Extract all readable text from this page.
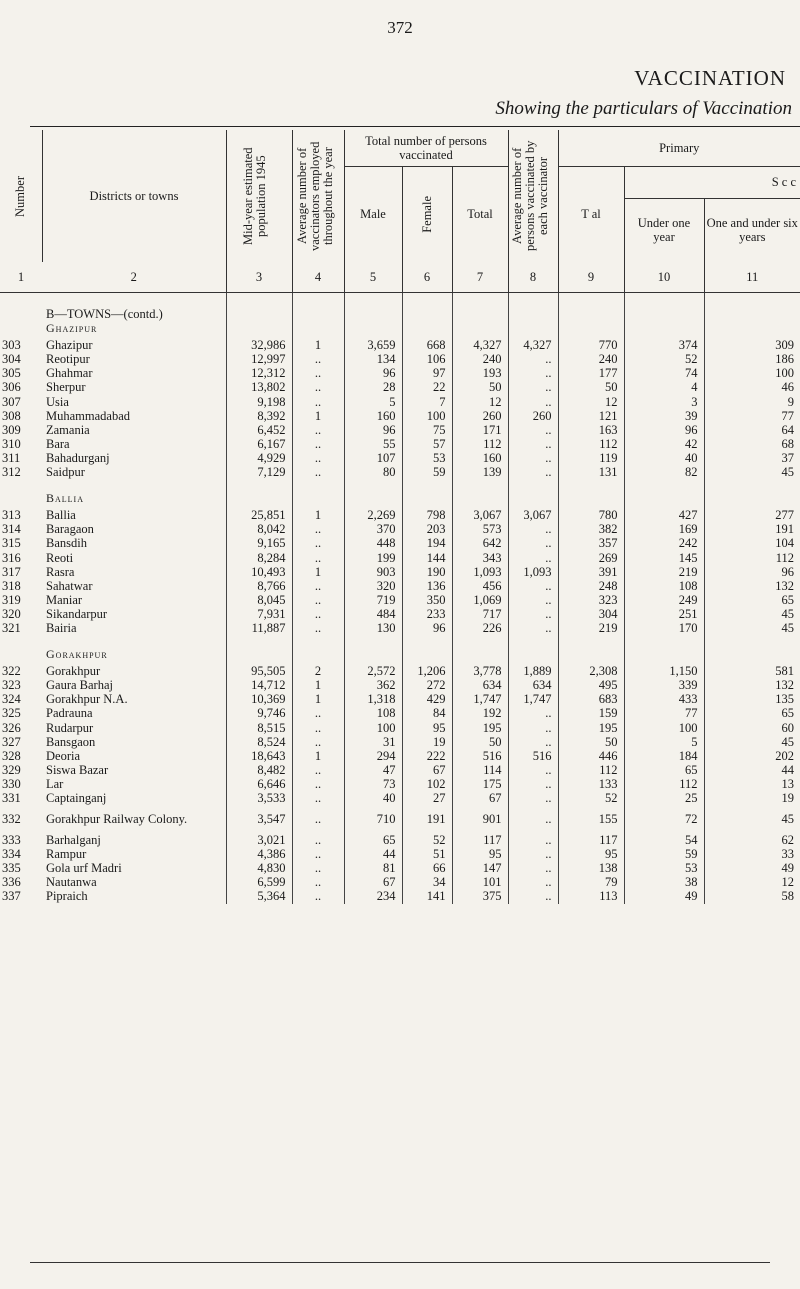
372
VACCINATION
Showing the particulars of Vaccination
Number	Districts or towns	Mid-year estimated population 1945	Average number of vaccinators employed throughout the year	Total number of persons vaccinated			Average number of persons vaccinated by each vaccinator	Primary		
				Male	Female	Total		T al	S c c	
									Under one year	One and under six years
1	2	3	4	5	6	7	8	9	10	11

	B—TOWNS—(contd.)									
	Ghazipur									

303	Ghazipur	32,986	1	3,659	668	4,327	4,327	770	374	309
304	Reotipur	12,997	..	134	106	240	..	240	52	186
305	Ghahmar	12,312	..	96	97	193	..	177	74	100
306	Sherpur	13,802	..	28	22	50	..	50	4	46
307	Usia	9,198	..	5	7	12	..	12	3	9
308	Muhammadabad	8,392	1	160	100	260	260	121	39	77
309	Zamania	6,452	..	96	75	171	..	163	96	64
310	Bara	6,167	..	55	57	112	..	112	42	68
311	Bahadurganj	4,929	..	107	53	160	..	119	40	37
312	Saidpur	7,129	..	80	59	139	..	131	82	45

	Ballia									

313	Ballia	25,851	1	2,269	798	3,067	3,067	780	427	277
314	Baragaon	8,042	..	370	203	573	..	382	169	191
315	Bansdih	9,165	..	448	194	642	..	357	242	104
316	Reoti	8,284	..	199	144	343	..	269	145	112
317	Rasra	10,493	1	903	190	1,093	1,093	391	219	96
318	Sahatwar	8,766	..	320	136	456	..	248	108	132
319	Maniar	8,045	..	719	350	1,069	..	323	249	65
320	Sikandarpur	7,931	..	484	233	717	..	304	251	45
321	Bairia	11,887	..	130	96	226	..	219	170	45

	Gorakhpur									

322	Gorakhpur	95,505	2	2,572	1,206	3,778	1,889	2,308	1,150	581
323	Gaura Barhaj	14,712	1	362	272	634	634	495	339	132
324	Gorakhpur N.A.	10,369	1	1,318	429	1,747	1,747	683	433	135
325	Padrauna	9,746	..	108	84	192	..	159	77	65
326	Rudarpur	8,515	..	100	95	195	..	195	100	60
327	Bansgaon	8,524	..	31	19	50	..	50	5	45
328	Deoria	18,643	1	294	222	516	516	446	184	202
329	Siswa Bazar	8,482	..	47	67	114	..	112	65	44
330	Lar	6,646	..	73	102	175	..	133	112	13
331	Captainganj	3,533	..	40	27	67	..	52	25	19
332	Gorakhpur Railway Colony.	3,547	..	710	191	901	..	155	72	45
333	Barhalganj	3,021	..	65	52	117	..	117	54	62
334	Rampur	4,386	..	44	51	95	..	95	59	33
335	Gola urf Madri	4,830	..	81	66	147	..	138	53	49
336	Nautanwa	6,599	..	67	34	101	..	79	38	12
337	Pipraich	5,364	..	234	141	375	..	113	49	58
